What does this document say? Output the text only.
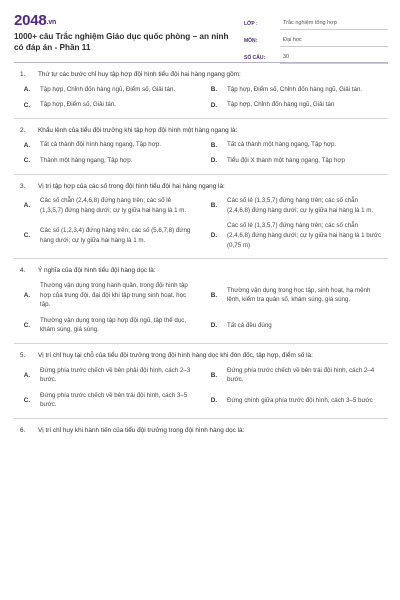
2048.vn
1000+ câu Trắc nghiệm Giáo dục quốc phòng – an ninh có đáp án - Phần 11
LỚP :	Trắc nghiệm tổng hợp
MÔN:	Đại học
SỐ CÂU:	30
1.	Thứ tự các bước chỉ huy tập hợp đội hình tiểu đội hai hàng ngang gồm:
A.	Tập hợp, Chỉnh đốn hàng ngũ, Điểm số, Giải tán.	B.	Tập hợp, Điểm số, Chỉnh đốn hàng ngũ, Giải tán.
C.	Tập hợp, Điểm số, Giải tán.	D.	Tập hợp, Chỉnh đốn hàng ngũ, Giải tán
2.	Khẩu lệnh của tiểu đội trưởng khi tập hợp đội hình một hàng ngang là:
A.	Tất cả thành đội hình hàng ngang, Tập hợp.	B.	Tất cả thành một hàng ngang, Tập hợp.
C.	Thành một hàng ngang, Tập hợp.	D.	Tiểu đội X thành một hàng ngang, Tập hợp
3.	Vị trí tập hợp của các số trong đội hình tiểu đội hai hàng ngang là:
A.
Các số chẵn (2,4,6,8) đứng hàng trên; các số lẻ (1,3,5,7) đứng hàng dưới; cự ly giữa hai hàng là 1 m.
B.
Các số lẻ (1,3,5,7) đứng hàng trên; các số chẵn (2,4,6,8) đứng hàng dưới; cự ly giữa hai hàng là 1 m.
C.
Các số (1,2,3,4) đứng hàng trên; các số (5,6,7,8) đứng hàng dưới; cự ly giữa hai hàng là 1 m.
D.
Các số lẻ (1,3,5,7) đứng hàng trên; các số chẵn (2,4,6,8) đứng hàng dưới; cự ly giữa hai hàng là 1 bước (0,75 m)
4.	Ý nghĩa của đội hình tiểu đội hàng dọc là:
A.
Thường vận dụng trong hành quân, trong đội hình tập hợp của trung đội, đại đội khi tập trung sinh hoạt, học tập.
B.
Thường vận dụng trong học tập, sinh hoạt, hạ mệnh lệnh, kiểm tra quân số, khám súng, giá súng.
C.
Thường vận dụng trong tập hợp đội ngũ, tập thể dục, khám súng, giá súng.
D.	Tất cả đều đúng
5.	Vị trí chỉ huy tại chỗ của tiểu đội trưởng trong đội hình hàng dọc khi đón đốc, tập hợp, điểm số là:
A.
Đứng phía trước chếch về bên phải đội hình, cách 2–3 bước.
B.
Đứng phía trước chếch về bên trái đội hình, cách 2–4 bước.
C.
Đứng phía trước chếch về bên trái đội hình, cách 3–5 bước.
D.	Đứng chính giữa phía trước đội hình, cách 3–5 bước
6.	Vị trí chỉ huy khi hành tiến của tiểu đội trưởng trong đội hình hàng dọc là:
